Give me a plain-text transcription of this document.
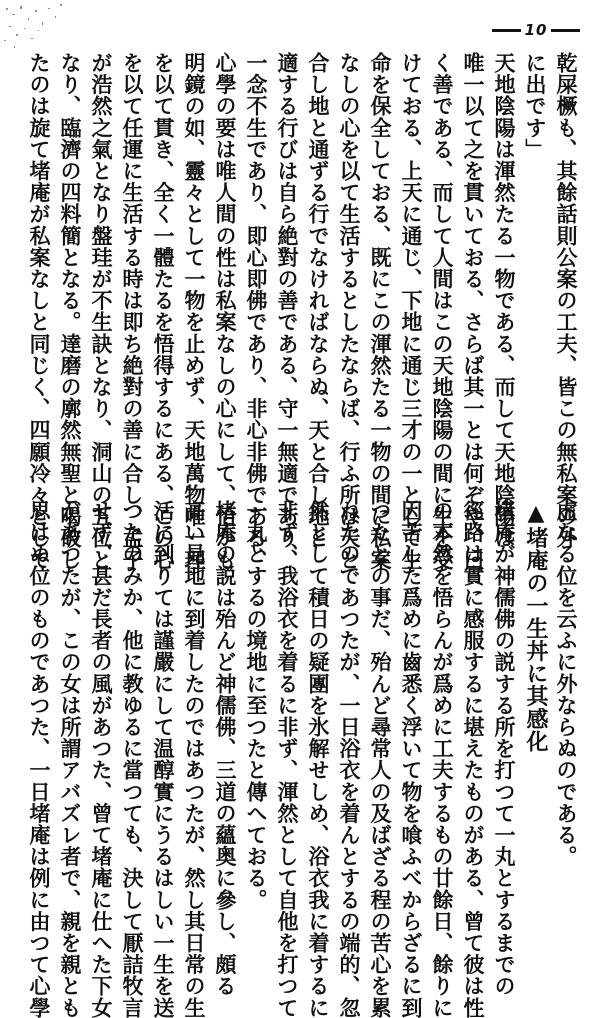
10
乾屎橛も、其餘話則公案の工夫、皆この無私案の外
に出です」
天地陰陽は渾然たる一物である、而して天地陰陽は
唯一以て之を貫いておる、さらば其一とは何ぞや、曰
く善である、而して人間はこの天地陰陽の間に生を受
けておる、上天に通じ、下地に通じ三才の一として生
命を保全しておる、既にこの渾然たる一物の間に私案
なしの心を以て生活するとしたならば、行ふ所は天と
合し地と通ずる行でなければならぬ、天と合し地と
適する行びは自ら絶對の善である、守一無適であり、
一念不生であり、即心即佛であり、非心非佛である、
心學の要は唯人間の性は私案なしの心にして、恰かも
明鏡の如、靈々として一物を止めず、天地萬物唯一理
を以て貫き、全く一體たるを悟得するにある、この心
を以て任運に生活する時は即ち絶對の善に合し、孟子
が浩然之氣となり盤珪が不生訣となり、洞山の五位と
なり、臨濟の四料簡となる。達磨の廓然無聖と喝破し
たのは旋て堵庵が私案なしと同じく、四願冷々として
虚なる位を云ふに外ならぬのである。
▲堵庵の一生丼に其感化
堵庵が神儒佛の説する所を打つて一丸とするまでの
徑路は實に感服するに堪えたものがある、曾て彼は性
の本然を悟らんが爲めに工夫するもの廿餘日、餘りに
因苦した爲めに齒悉く浮いて物を喰ふべからざるに到
つたとの事だ、殆んど尋常人の及ばざる程の苦心を累
ねたのであつたが、一日浴衣を着んとするの端的、忽
然として積日の疑團を氷解せしめ、浴衣我に着するに
非ず、我浴衣を着るに非ず、渾然として自他を打つて
一丸とするの境地に至つたと傳へておる。
堵庵の説は殆んど神儒佛、三道の蘊奥に參し、頗る
高い見地に到着したのではあつたが、然し其日常の生
活に到りては謹嚴にして温醇實にうるはしい一生を送
つたのみか、他に教ゆるに當つても、決して厭詰牧言
せず、甚だ長者の風があつた、曾て堵庵に仕へた下女
があつたが、この女は所謂アバズレ者で、親を親とも
思はぬ位のものであつた、一日堵庵は例に由つて心學
